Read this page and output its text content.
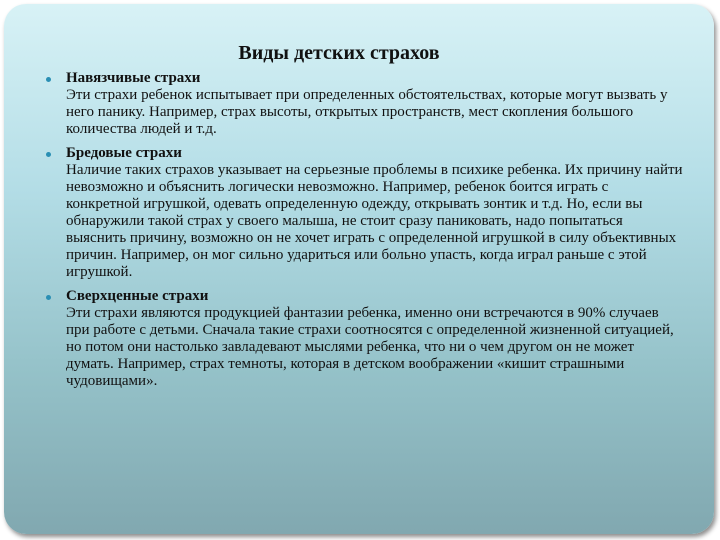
Виды детских страхов
Навязчивые страхи
Эти страхи ребенок испытывает при определенных обстоятельствах, которые могут вызвать у него панику. Например, страх высоты, открытых пространств, мест скопления большого количества людей и т.д.
Бредовые страхи
Наличие таких страхов указывает на серьезные проблемы в психике ребенка. Их причину найти невозможно и объяснить логически невозможно. Например, ребенок боится играть с конкретной игрушкой, одевать определенную одежду, открывать зонтик и т.д. Но, если вы обнаружили такой страх у своего малыша, не стоит сразу паниковать, надо попытаться выяснить причину, возможно он не хочет играть с определенной игрушкой в силу объективных причин. Например, он мог сильно удариться или больно упасть, когда играл раньше с этой игрушкой.
Сверхценные страхи
Эти страхи являются продукцией фантазии ребенка, именно они встречаются в 90% случаев при работе с детьми. Сначала такие страхи соотносятся с определенной жизненной ситуацией, но потом они настолько завладевают мыслями ребенка, что ни о чем другом он не может думать. Например, страх темноты, которая в детском воображении «кишит страшными чудовищами».
